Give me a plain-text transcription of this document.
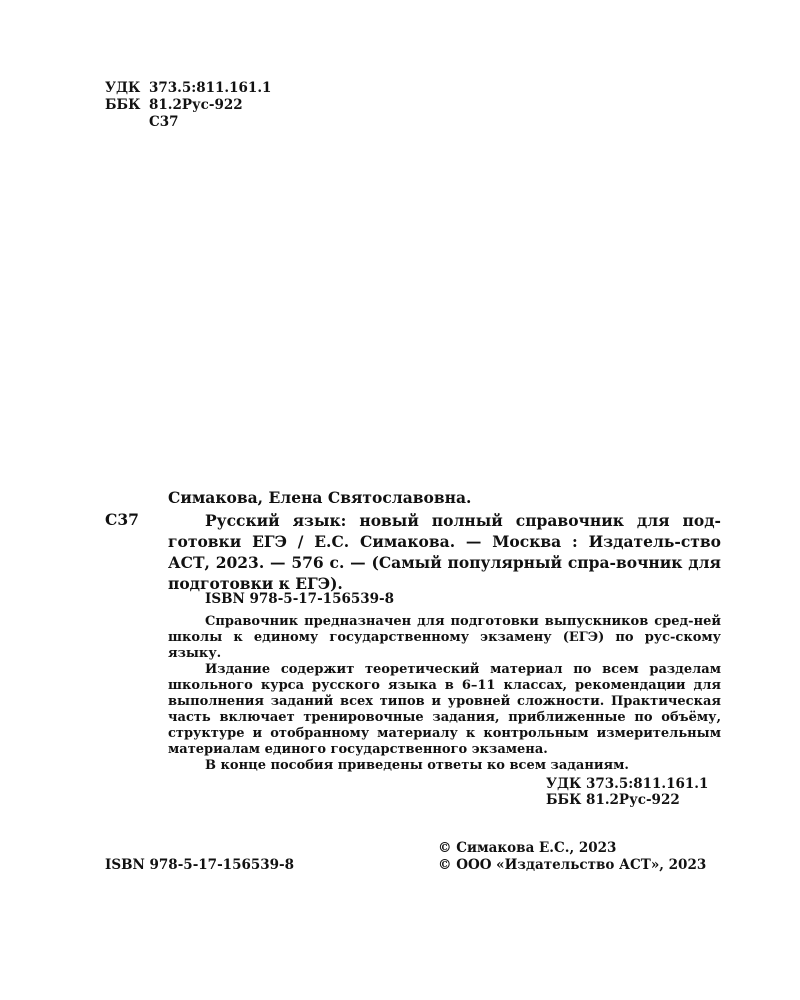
УДК 373.5:811.161.1
ББК 81.2Рус-922
С37
Симакова, Елена Святославовна.
С37	Русский язык: новый полный справочник для под-готовки ЕГЭ / Е.С. Симакова. — Москва : Издатель-ство АСТ, 2023. — 576 с. — (Самый популярный спра-вочник для подготовки к ЕГЭ).
ISBN 978-5-17-156539-8

Справочник предназначен для подготовки выпускников сред-ней школы к единому государственному экзамену (ЕГЭ) по рус-скому языку.

Издание содержит теоретический материал по всем разделам школьного курса русского языка в 6–11 классах, рекомендации для выполнения заданий всех типов и уровней сложности. Практическая часть включает тренировочные задания, приближенные по объёму, структуре и отобранному материалу к контрольным измерительным материалам единого государственного экзамена.

В конце пособия приведены ответы ко всем заданиям.

УДК 373.5:811.161.1
ББК 81.2Рус-922
© Симакова Е.С., 2023
© ООО «Издательство АСТ», 2023
ISBN 978-5-17-156539-8
